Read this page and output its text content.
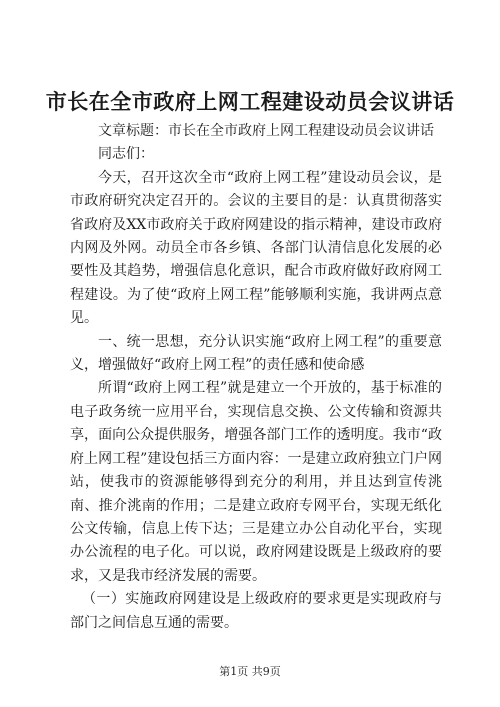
市长在全市政府上网工程建设动员会议讲话

文章标题：市长在全市政府上网工程建设动员会议讲话

同志们：

今天，召开这次全市“政府上网工程”建设动员会议，是市政府研究决定召开的。会议的主要目的是：认真贯彻落实省政府及XX市政府关于政府网建设的指示精神，建设市政府内网及外网。动员全市各乡镇、各部门认清信息化发展的必要性及其趋势，增强信息化意识，配合市政府做好政府网工程建设。为了使“政府上网工程”能够顺利实施，我讲两点意见。

一、统一思想，充分认识实施“政府上网工程”的重要意义，增强做好“政府上网工程”的责任感和使命感

所谓“政府上网工程”就是建立一个开放的，基于标准的电子政务统一应用平台，实现信息交换、公文传输和资源共享，面向公众提供服务，增强各部门工作的透明度。我市“政府上网工程”建设包括三方面内容：一是建立政府独立门户网站，使我市的资源能够得到充分的利用，并且达到宣传洮南、推介洮南的作用；二是建立政府专网平台，实现无纸化公文传输，信息上传下达；三是建立办公自动化平台，实现办公流程的电子化。可以说，政府网建设既是上级政府的要求，又是我市经济发展的需要。

（一）实施政府网建设是上级政府的要求更是实现政府与部门之间信息互通的需要。

第1页 共9页
